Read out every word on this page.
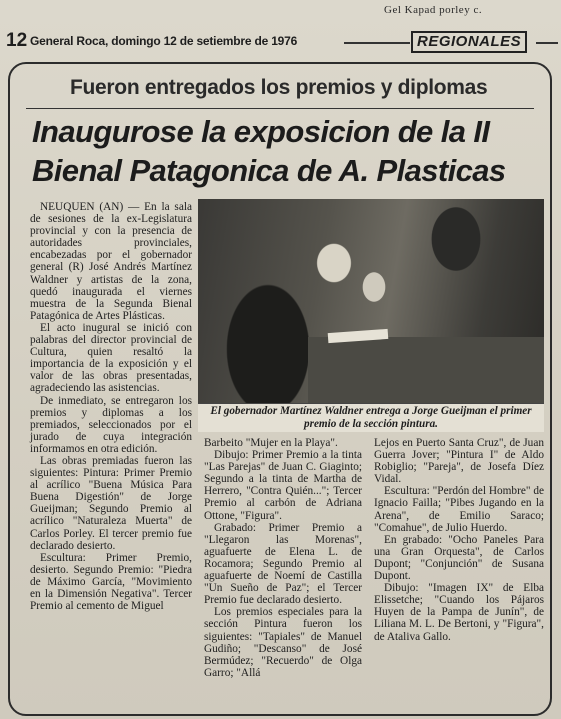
Gel Kapad porley c.
12 General Roca, domingo 12 de setiembre de 1976	REGIONALES
Fueron entregados los premios y diplomas
Inaugurose la exposicion de la II Bienal Patagonica de A. Plasticas

NEUQUEN (AN) — En la sala de sesiones de la ex-Legislatura provincial y con la presencia de autoridades provinciales, encabezadas por el gobernador general (R) José Andrés Martínez Waldner y artistas de la zona, quedó inaugurada el viernes muestra de la Segunda Bienal Patagónica de Artes Plásticas.

El acto inugural se inició con palabras del director provincial de Cultura, quien resaltó la importancia de la exposición y el valor de las obras presentadas, agradeciendo las asistencias.

De inmediato, se entregaron los premios y diplomas a los premiados, seleccionados por el jurado de cuya integración informamos en otra edición.

Las obras premiadas fueron las siguientes: Pintura: Primer Premio al acrílico "Buena Música Para Buena Digestión" de Jorge Gueijman; Segundo Premio al acrílico "Naturaleza Muerta" de Carlos Porley. El tercer premio fue declarado desierto.

Escultura: Primer Premio, desierto. Segundo Premio: "Piedra de Máximo García, "Movimiento en la Dimensión Negativa". Tercer Premio al cemento de Miguel

El gobernador Martínez Waldner entrega a Jorge Gueijman el primer premio de la sección pintura.

Barbeito "Mujer en la Playa".

Dibujo: Primer Premio a la tinta "Las Parejas" de Juan C. Giaginto; Segundo a la tinta de Martha de Herrero, "Contra Quién..."; Tercer Premio al carbón de Adriana Ottone, "Figura".

Grabado: Primer Premio a "Llegaron las Morenas", aguafuerte de Elena L. de Rocamora; Segundo Premio al aguafuerte de Noemí de Castilla "Un Sueño de Paz"; el Tercer Premio fue declarado desierto.

Los premios especiales para la sección Pintura fueron los siguientes: "Tapiales" de Manuel Gudiño; "Descanso" de José Bermúdez; "Recuerdo" de Olga Garro; "Allá

Lejos en Puerto Santa Cruz", de Juan Guerra Jover; "Pintura I" de Aldo Robiglio; "Pareja", de Josefa Díez Vidal.

Escultura: "Perdón del Hombre" de Ignacio Failla; "Pibes Jugando en la Arena", de Emilio Saraco; "Comahue", de Julio Huerdo.

En grabado: "Ocho Paneles Para una Gran Orquesta", de Carlos Dupont; "Conjunción" de Susana Dupont.

Dibujo: "Imagen IX" de Elba Elissetche; "Cuando los Pájaros Huyen de la Pampa de Junín", de Liliana M. L. De Bertoni, y "Figura", de Atalivа Gallo.
